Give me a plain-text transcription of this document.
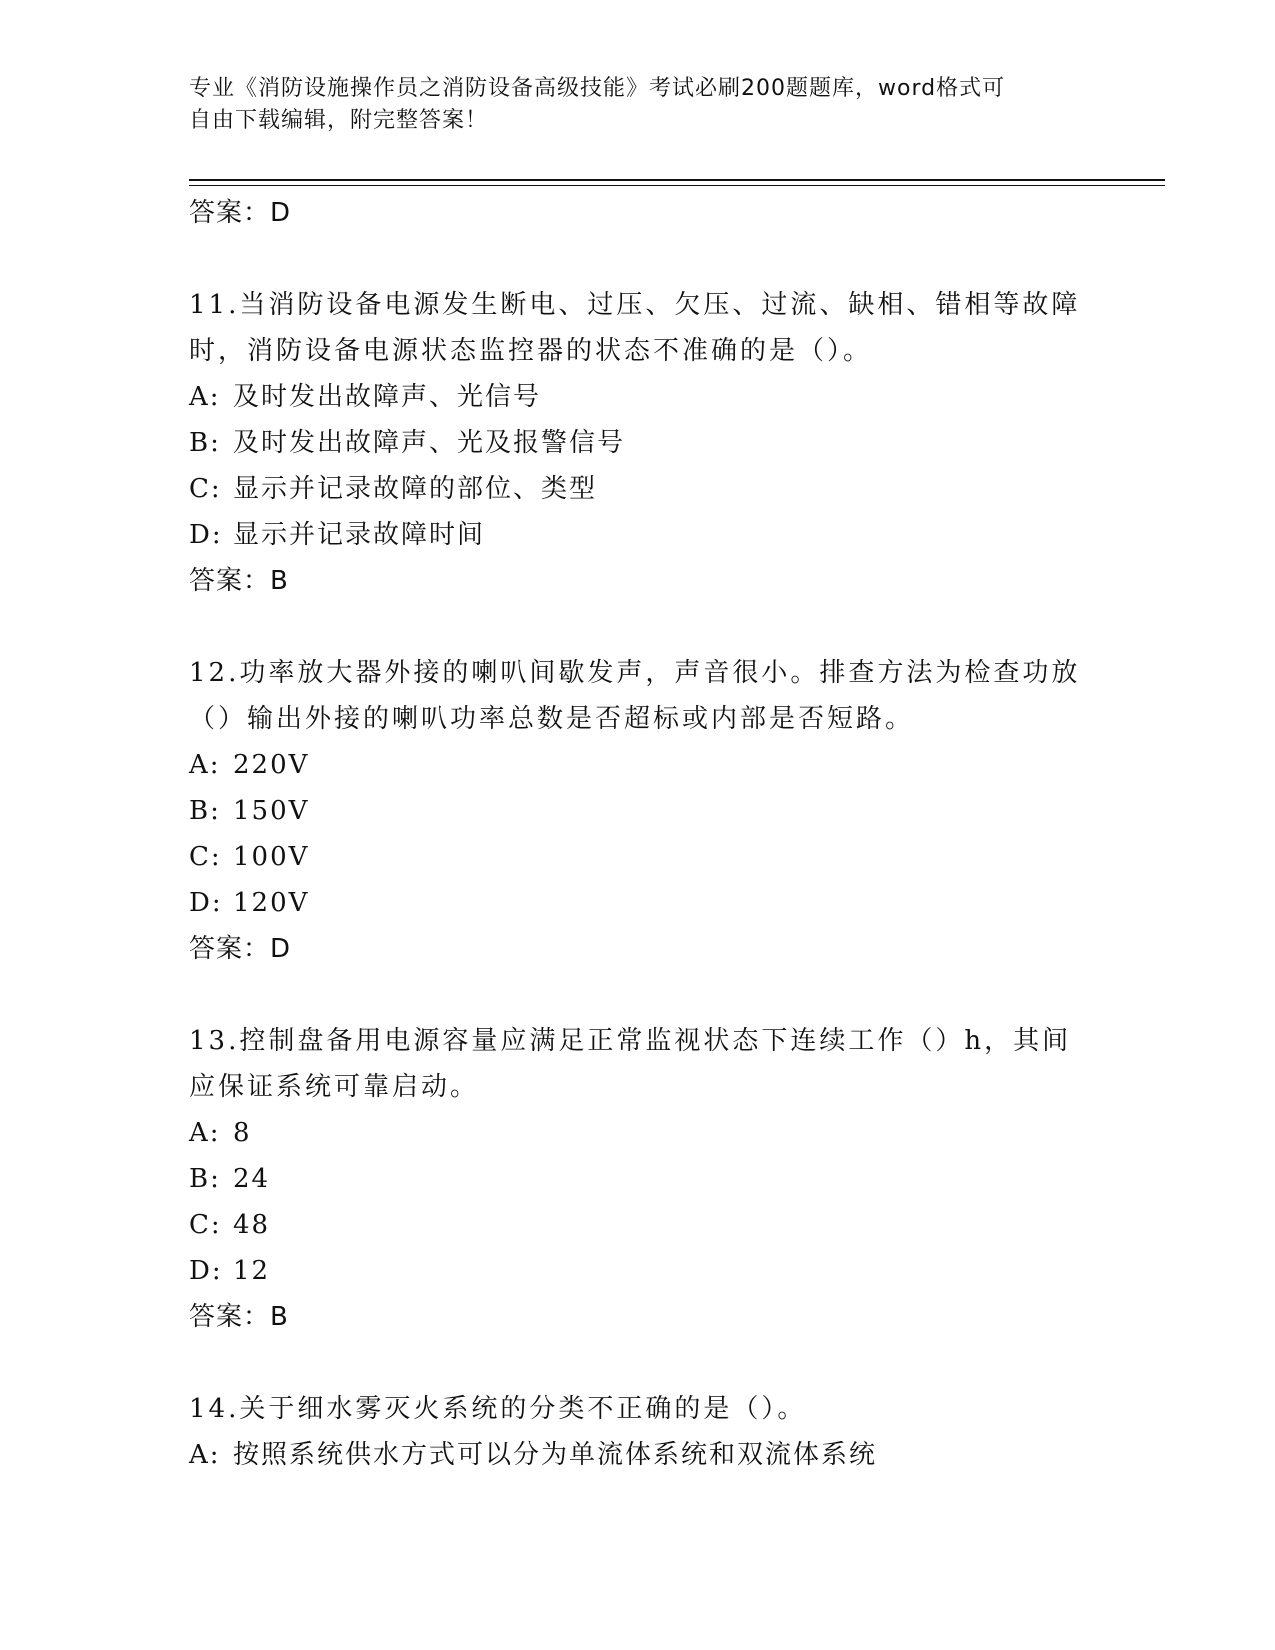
专业《消防设施操作员之消防设备高级技能》考试必刷200题题库，word格式可
自由下载编辑，附完整答案！
答案：D
11.当消防设备电源发生断电、过压、欠压、过流、缺相、错相等故障
时，消防设备电源状态监控器的状态不准确的是（）。
A: 及时发出故障声、光信号
B: 及时发出故障声、光及报警信号
C: 显示并记录故障的部位、类型
D: 显示并记录故障时间
答案：B
12.功率放大器外接的喇叭间歇发声，声音很小。排查方法为检查功放
（）输出外接的喇叭功率总数是否超标或内部是否短路。
A: 220V
B: 150V
C: 100V
D: 120V
答案：D
13.控制盘备用电源容量应满足正常监视状态下连续工作（）h，其间
应保证系统可靠启动。
A: 8
B: 24
C: 48
D: 12
答案：B
14.关于细水雾灭火系统的分类不正确的是（）。
A: 按照系统供水方式可以分为单流体系统和双流体系统
